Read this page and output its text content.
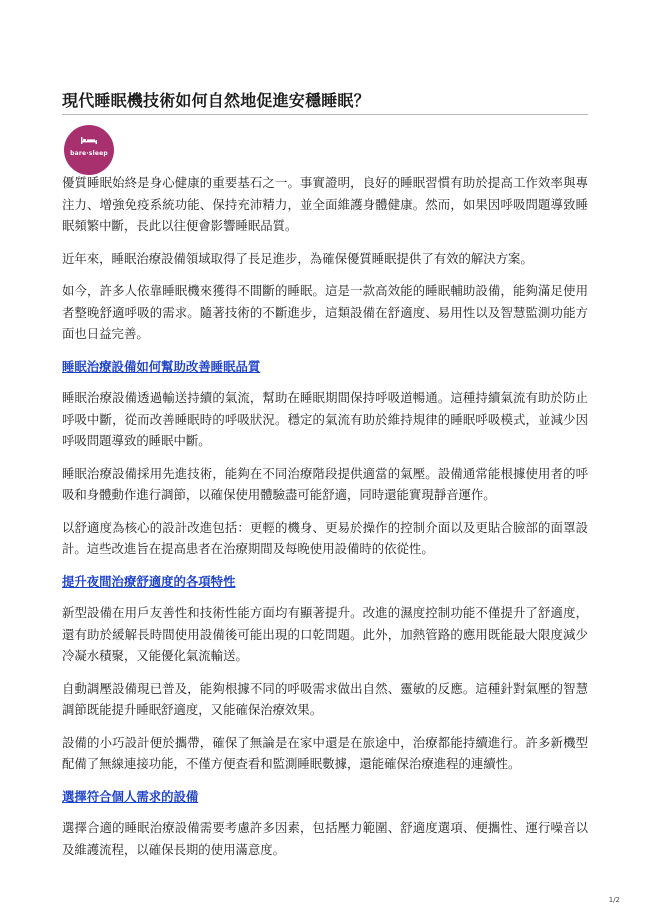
現代睡眠機技術如何自然地促進安穩睡眠？
bare·sleep

優質睡眠始終是身心健康的重要基石之一。事實證明，良好的睡眠習慣有助於提高工作效率與專注力、增強免疫系統功能、保持充沛精力，並全面維護身體健康。然而，如果因呼吸問題導致睡眠頻繁中斷，長此以往便會影響睡眠品質。

近年來，睡眠治療設備領域取得了長足進步，為確保優質睡眠提供了有效的解決方案。

如今，許多人依靠睡眠機來獲得不間斷的睡眠。這是一款高效能的睡眠輔助設備，能夠滿足使用者整晚舒適呼吸的需求。隨著技術的不斷進步，這類設備在舒適度、易用性以及智慧監測功能方面也日益完善。

睡眠治療設備如何幫助改善睡眠品質

睡眠治療設備透過輸送持續的氣流，幫助在睡眠期間保持呼吸道暢通。這種持續氣流有助於防止呼吸中斷，從而改善睡眠時的呼吸狀況。穩定的氣流有助於維持規律的睡眠呼吸模式，並減少因呼吸問題導致的睡眠中斷。

睡眠治療設備採用先進技術，能夠在不同治療階段提供適當的氣壓。設備通常能根據使用者的呼吸和身體動作進行調節，以確保使用體驗盡可能舒適，同時還能實現靜音運作。

以舒適度為核心的設計改進包括：更輕的機身、更易於操作的控制介面以及更貼合臉部的面罩設計。這些改進旨在提高患者在治療期間及每晚使用設備時的依從性。

提升夜間治療舒適度的各項特性

新型設備在用戶友善性和技術性能方面均有顯著提升。改進的濕度控制功能不僅提升了舒適度，還有助於緩解長時間使用設備後可能出現的口乾問題。此外，加熱管路的應用既能最大限度減少冷凝水積聚，又能優化氣流輸送。

自動調壓設備現已普及，能夠根據不同的呼吸需求做出自然、靈敏的反應。這種針對氣壓的智慧調節既能提升睡眠舒適度，又能確保治療效果。

設備的小巧設計便於攜帶，確保了無論是在家中還是在旅途中，治療都能持續進行。許多新機型配備了無線連接功能，不僅方便查看和監測睡眠數據，還能確保治療進程的連續性。

選擇符合個人需求的設備

選擇合適的睡眠治療設備需要考慮許多因素，包括壓力範圍、舒適度選項、便攜性、運行噪音以及維護流程，以確保長期的使用滿意度。

1/2
